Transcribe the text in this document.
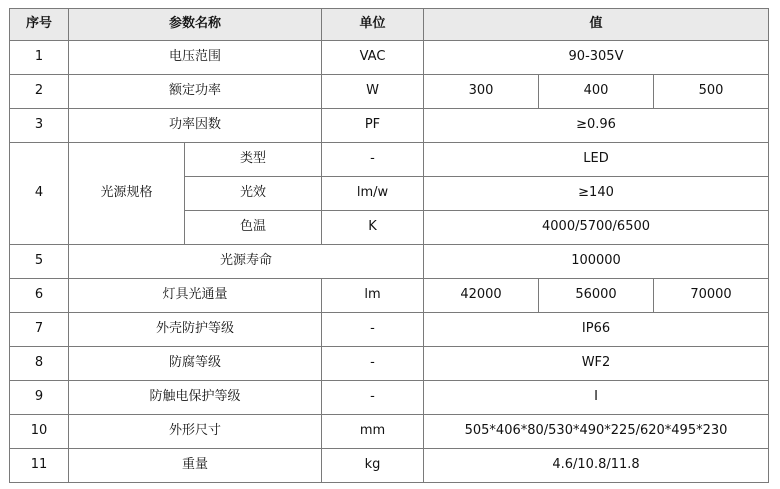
序号	参数名称		单位	值		
1	电压范围		VAC	90-305V		
2	额定功率		W	300	400	500
3	功率因数		PF	≥0.96		
4	光源规格	类型	-	LED		
		光效	lm/w	≥140		
		色温	K	4000/5700/6500		
5	光源寿命			100000		
6	灯具光通量		lm	42000	56000	70000
7	外壳防护等级		-	IP66		
8	防腐等级		-	WF2		
9	防触电保护等级		-	I		
10	外形尺寸		mm	505*406*80/530*490*225/620*495*230		
11	重量		kg	4.6/10.8/11.8		
